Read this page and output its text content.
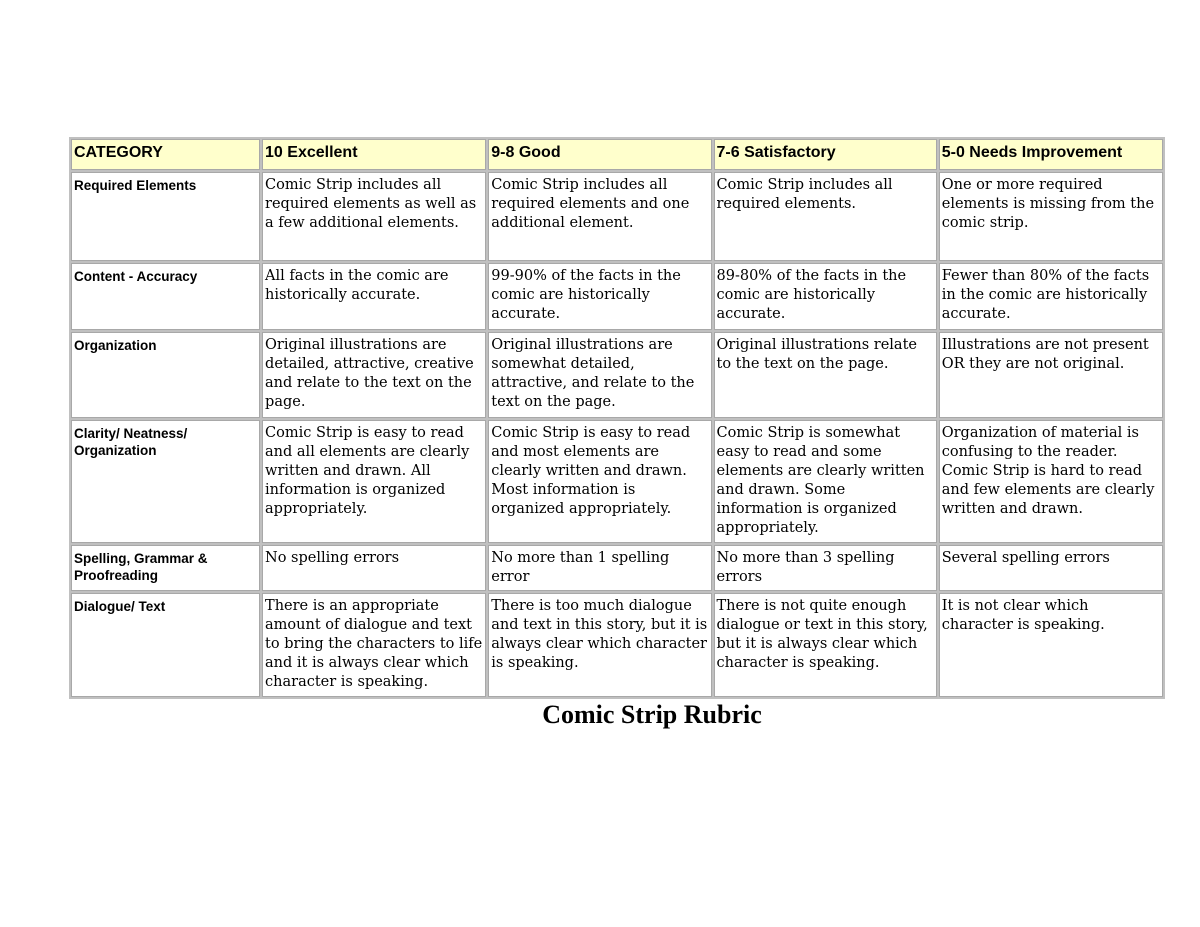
CATEGORY	10 Excellent	9-8 Good	7-6 Satisfactory	5-0 Needs Improvement
Required Elements	Comic Strip includes all required elements as well as a few additional elements.	Comic Strip includes all required elements and one additional element.	Comic Strip includes all required elements.	One or more required elements is missing from the comic strip.
Content - Accuracy	All facts in the comic are historically accurate.	99-90% of the facts in the comic are historically accurate.	89-80% of the facts in the comic are historically accurate.	Fewer than 80% of the facts in the comic are historically accurate.
Organization	Original illustrations are detailed, attractive, creative and relate to the text on the page.	Original illustrations are somewhat detailed, attractive, and relate to the text on the page.	Original illustrations relate to the text on the page.	Illustrations are not present OR they are not original.
Clarity/ Neatness/ Organization	Comic Strip is easy to read and all elements are clearly written and drawn. All information is organized appropriately.	Comic Strip is easy to read and most elements are clearly written and drawn. Most information is organized appropriately.	Comic Strip is somewhat easy to read and some elements are clearly written and drawn. Some information is organized appropriately.	Organization of material is confusing to the reader. Comic Strip is hard to read and few elements are clearly written and drawn.
Spelling, Grammar & Proofreading	No spelling errors	No more than 1 spelling error	No more than 3 spelling errors	Several spelling errors
Dialogue/ Text	There is an appropriate amount of dialogue and text to bring the characters to life and it is always clear which character is speaking.	There is too much dialogue and text in this story, but it is always clear which character is speaking.	There is not quite enough dialogue or text in this story, but it is always clear which character is speaking.	It is not clear which character is speaking.
Comic Strip Rubric
